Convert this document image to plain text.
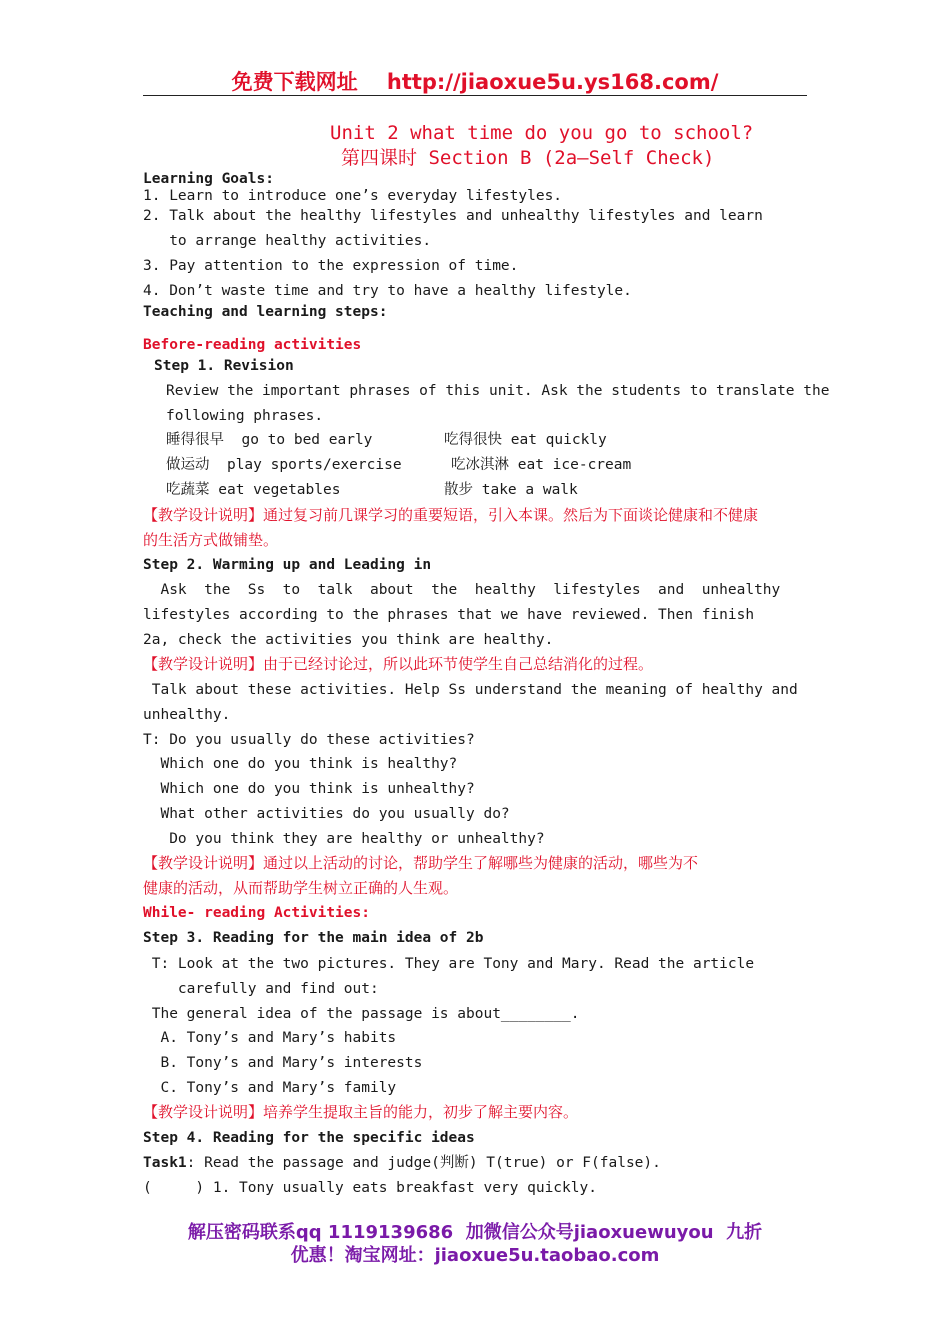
免费下载网址    http://jiaoxue5u.ys168.com/
Unit 2 what time do you go to school?
第四课时 Section B (2a—Self Check)
Learning Goals:
1. Learn to introduce one’s everyday lifestyles.
2. Talk about the healthy lifestyles and unhealthy lifestyles and learn
to arrange healthy activities.
3. Pay attention to the expression of time.
4. Don’t waste time and try to have a healthy lifestyle.
Teaching and learning steps:
Before-reading activities
Step 1. Revision
Review the important phrases of this unit. Ask the students to translate the
following phrases.
睡得很早  go to bed early	吃得很快 eat quickly
做运动  play sports/exercise	吃冰淇淋 eat ice-cream
吃蔬菜 eat vegetables	散步 take a walk
【教学设计说明】通过复习前几课学习的重要短语，引入本课。然后为下面谈论健康和不健康
的生活方式做铺垫。
Step 2. Warming up and Leading in
Ask  the  Ss  to  talk  about  the  healthy  lifestyles  and  unhealthy
lifestyles according to the phrases that we have reviewed. Then finish
2a, check the activities you think are healthy.
【教学设计说明】由于已经讨论过，所以此环节使学生自己总结消化的过程。
Talk about these activities. Help Ss understand the meaning of healthy and
unhealthy.
T: Do you usually do these activities?
Which one do you think is healthy?
Which one do you think is unhealthy?
What other activities do you usually do?
Do you think they are healthy or unhealthy?
【教学设计说明】通过以上活动的讨论，帮助学生了解哪些为健康的活动，哪些为不
健康的活动，从而帮助学生树立正确的人生观。
While- reading Activities:
Step 3. Reading for the main idea of 2b
T: Look at the two pictures. They are Tony and Mary. Read the article
carefully and find out:
The general idea of the passage is about________.
A. Tony’s and Mary’s habits
B. Tony’s and Mary’s interests
C. Tony’s and Mary’s family
【教学设计说明】培养学生提取主旨的能力，初步了解主要内容。
Step 4. Reading for the specific ideas
Task1: Read the passage and judge(判断) T(true) or F(false).
(     ) 1. Tony usually eats breakfast very quickly.
解压密码联系qq 1119139686  加微信公众号jiaoxuewuyou  九折
优惠！淘宝网址：jiaoxue5u.taobao.com
